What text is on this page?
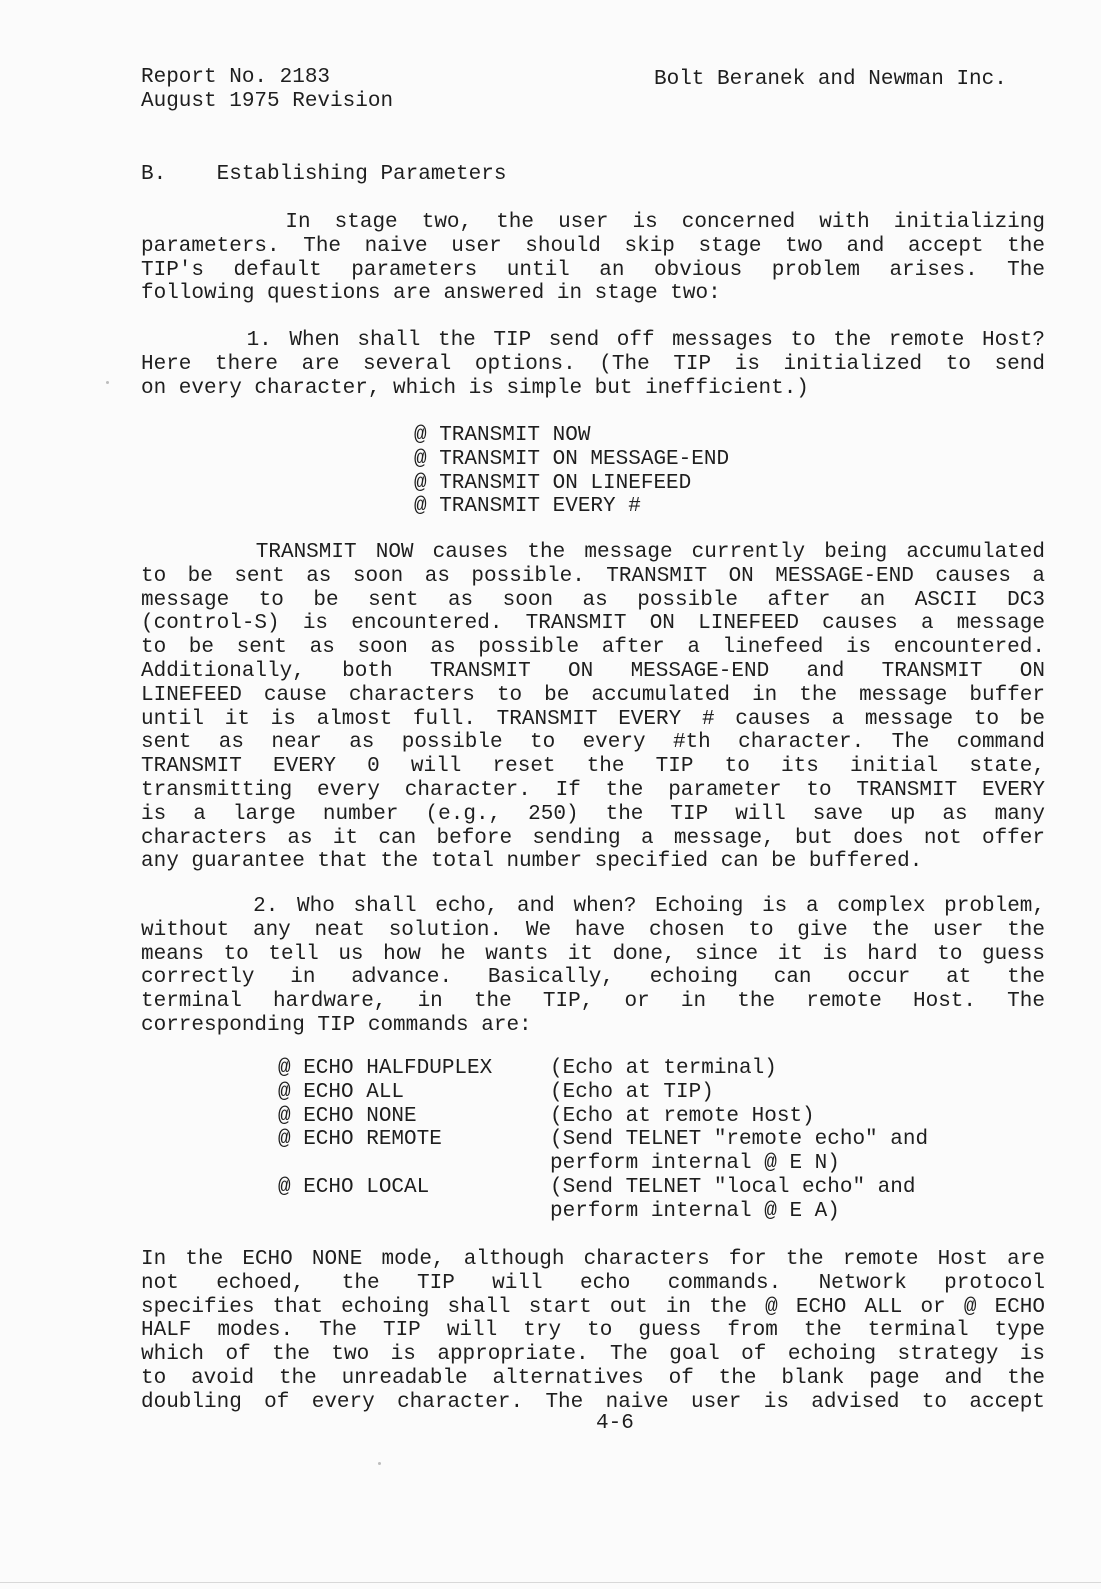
Report No. 2183
August 1975 Revision
Bolt Beranek and Newman Inc.
B.    Establishing Parameters
In stage two, the user is concerned with initializing
parameters. The naive user should skip stage two and accept the
TIP's default parameters until an obvious problem arises. The
following questions are answered in stage two:
1. When shall the TIP send off messages to the remote Host?
Here there are several options. (The TIP is initialized to send
on every character, which is simple but inefficient.)
@ TRANSMIT NOW
@ TRANSMIT ON MESSAGE-END
@ TRANSMIT ON LINEFEED
@ TRANSMIT EVERY #
TRANSMIT NOW causes the message currently being accumulated
to be sent as soon as possible. TRANSMIT ON MESSAGE-END causes a
message to be sent as soon as possible after an ASCII DC3
(control-S) is encountered. TRANSMIT ON LINEFEED causes a message
to be sent as soon as possible after a linefeed is encountered.
Additionally, both TRANSMIT ON MESSAGE-END and TRANSMIT ON
LINEFEED cause characters to be accumulated in the message buffer
until it is almost full. TRANSMIT EVERY # causes a message to be
sent as near as possible to every #th character. The command
TRANSMIT EVERY 0 will reset the TIP to its initial state,
transmitting every character. If the parameter to TRANSMIT EVERY
is a large number (e.g., 250) the TIP will save up as many
characters as it can before sending a message, but does not offer
any guarantee that the total number specified can be buffered.
2. Who shall echo, and when? Echoing is a complex problem,
without any neat solution. We have chosen to give the user the
means to tell us how he wants it done, since it is hard to guess
correctly in advance. Basically, echoing can occur at the
terminal hardware, in the TIP, or in the remote Host. The
corresponding TIP commands are:
@ ECHO HALFDUPLEX	(Echo at terminal)
@ ECHO ALL	(Echo at TIP)
@ ECHO NONE	(Echo at remote Host)
@ ECHO REMOTE	(Send TELNET "remote echo" and
	perform internal @ E N)
@ ECHO LOCAL	(Send TELNET "local echo" and
	perform internal @ E A)
In the ECHO NONE mode, although characters for the remote Host are
not echoed, the TIP will echo commands. Network protocol
specifies that echoing shall start out in the @ ECHO ALL or @ ECHO
HALF modes. The TIP will try to guess from the terminal type
which of the two is appropriate. The goal of echoing strategy is
to avoid the unreadable alternatives of the blank page and the
doubling of every character. The naive user is advised to accept
4-6
